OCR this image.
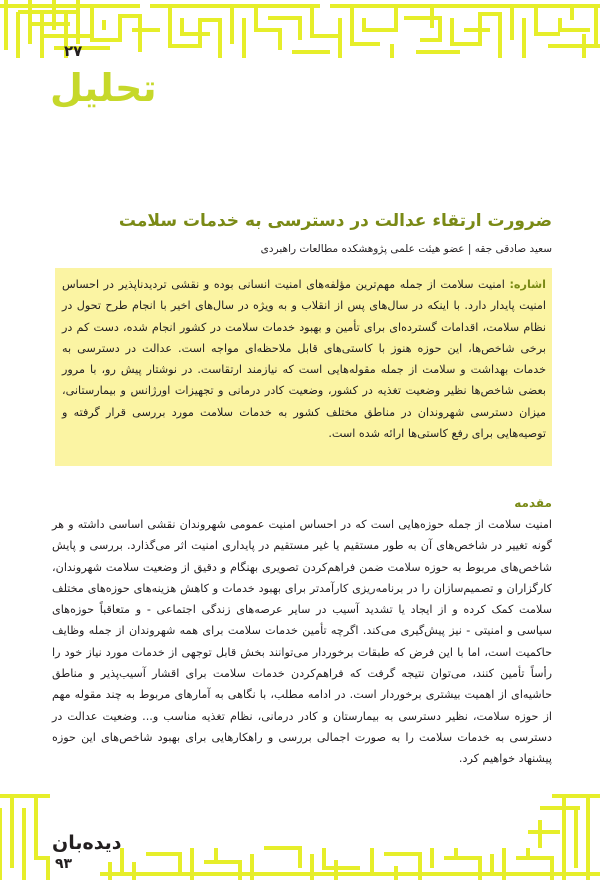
۲۷
تحلیل
ضرورت ارتقاء عدالت در دسترسی به خدمات سلامت
سعید صادقی جقه | عضو هیئت علمی پژوهشکده مطالعات راهبردی

اشاره: امنیت سلامت از جمله مهم‌ترین مؤلفه‌های امنیت انسانی بوده و نقشی تردیدناپذیر در احساس امنیت پایدار دارد. با اینکه در سال‌های پس از انقلاب و به ویژه در سال‌های اخیر با انجام طرح تحول در نظام سلامت، اقدامات گسترده‌ای برای تأمین و بهبود خدمات سلامت در کشور انجام شده، دست کم در برخی شاخص‌ها، این حوزه هنوز با کاستی‌های قابل ملاحظه‌ای مواجه است. عدالت در دسترسی به خدمات بهداشت و سلامت از جمله مقوله‌هایی است که نیازمند ارتقاست. در نوشتار پیش رو، با مرور بعضی شاخص‌ها نظیر وضعیت تغذیه در کشور، وضعیت کادر درمانی و تجهیزات اورژانس و بیمارستانی، میزان دسترسی شهروندان در مناطق مختلف کشور به خدمات سلامت مورد بررسی قرار گرفته و توصیه‌هایی برای رفع کاستی‌ها ارائه شده است.

مقدمه

امنیت سلامت از جمله حوزه‌هایی است که در احساس امنیت عمومی شهروندان نقشی اساسی داشته و هر گونه تغییر در شاخص‌های آن به طور مستقیم یا غیر مستقیم در پایداری امنیت اثر می‌گذارد. بررسی و پایش شاخص‌های مربوط به حوزه سلامت ضمن فراهم‌کردن تصویری بهنگام و دقیق از وضعیت سلامت شهروندان، کارگزاران و تصمیم‌سازان را در برنامه‌ریزی کارآمدتر برای بهبود خدمات و کاهش هزینه‌های حوزه‌های مختلف سلامت کمک کرده و از ایجاد یا تشدید آسیب در سایر عرصه‌های زندگی اجتماعی - و متعاقباً حوزه‌های سیاسی و امنیتی - نیز پیش‌گیری می‌کند. اگرچه تأمین خدمات سلامت برای همه شهروندان از جمله وظایف حاکمیت است، اما با این فرض که طبقات برخوردار می‌توانند بخش قابل توجهی از خدمات مورد نیاز خود را رأساً تأمین کنند، می‌توان نتیجه گرفت که فراهم‌کردن خدمات سلامت برای اقشار آسیب‌پذیر و مناطق حاشیه‌ای از اهمیت بیشتری برخوردار است. در ادامه مطلب، با نگاهی به آمارهای مربوط به چند مقوله مهم از حوزه سلامت، نظیر دسترسی به بیمارستان و کادر درمانی، نظام تغذیه مناسب و... وضعیت عدالت در دسترسی به خدمات سلامت را به صورت اجمالی بررسی و راهکارهایی برای بهبود شاخص‌های این حوزه پیشنهاد خواهیم کرد.

دیده‌بان
۹۳
